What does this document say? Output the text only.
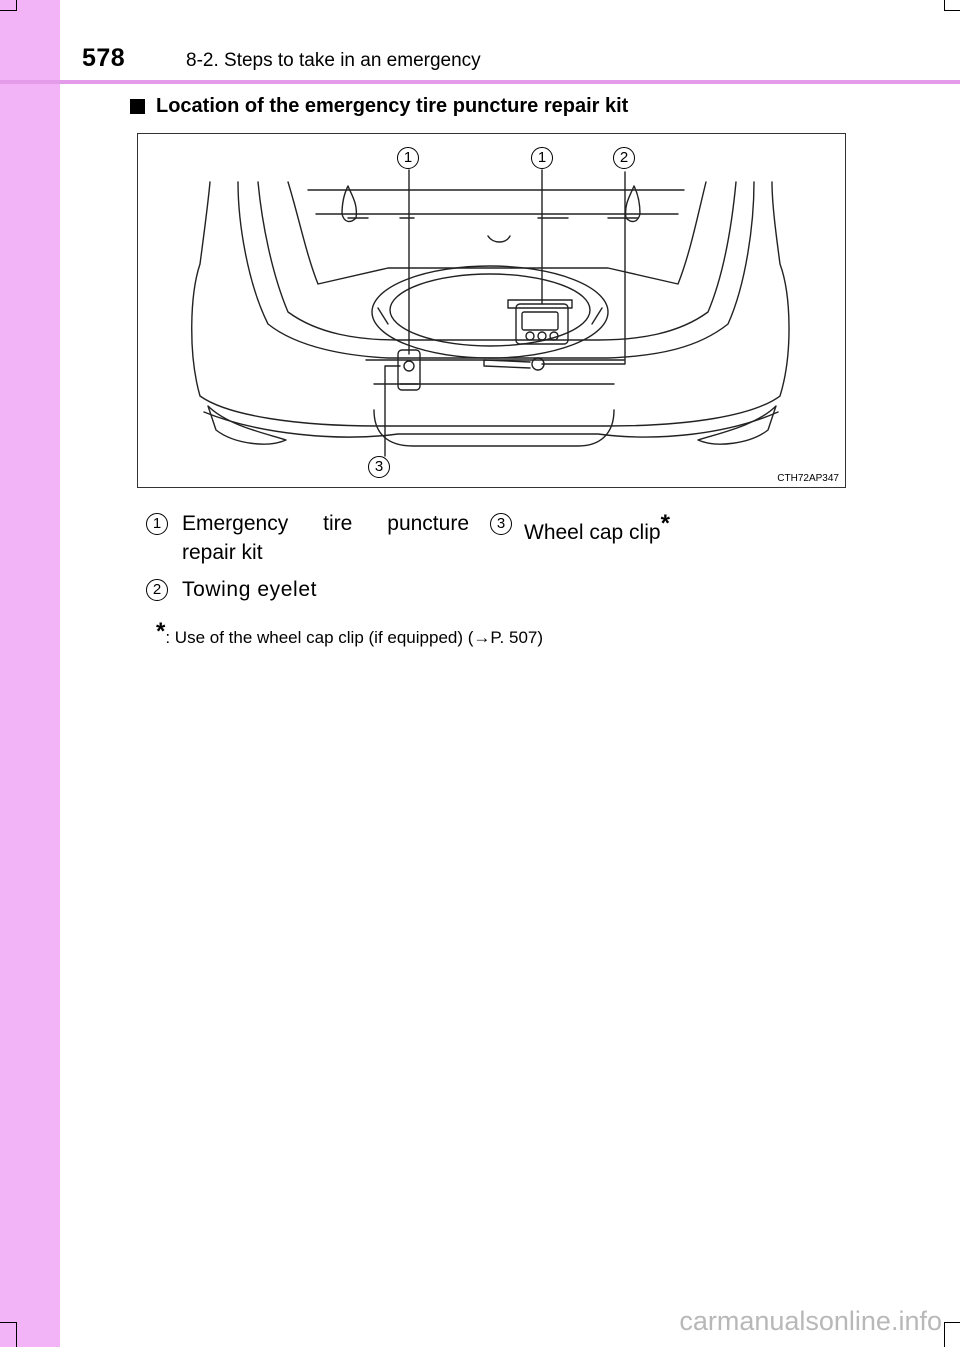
578	8-2. Steps to take in an emergency
Location of the emergency tire puncture repair kit
1	1	2
3
CTH72AP347
1 Emergency tire puncture
repair kit
3 Wheel cap clip*
2 Towing eyelet
*: Use of the wheel cap clip (if equipped) (→P. 507)
carmanualsonline.info
